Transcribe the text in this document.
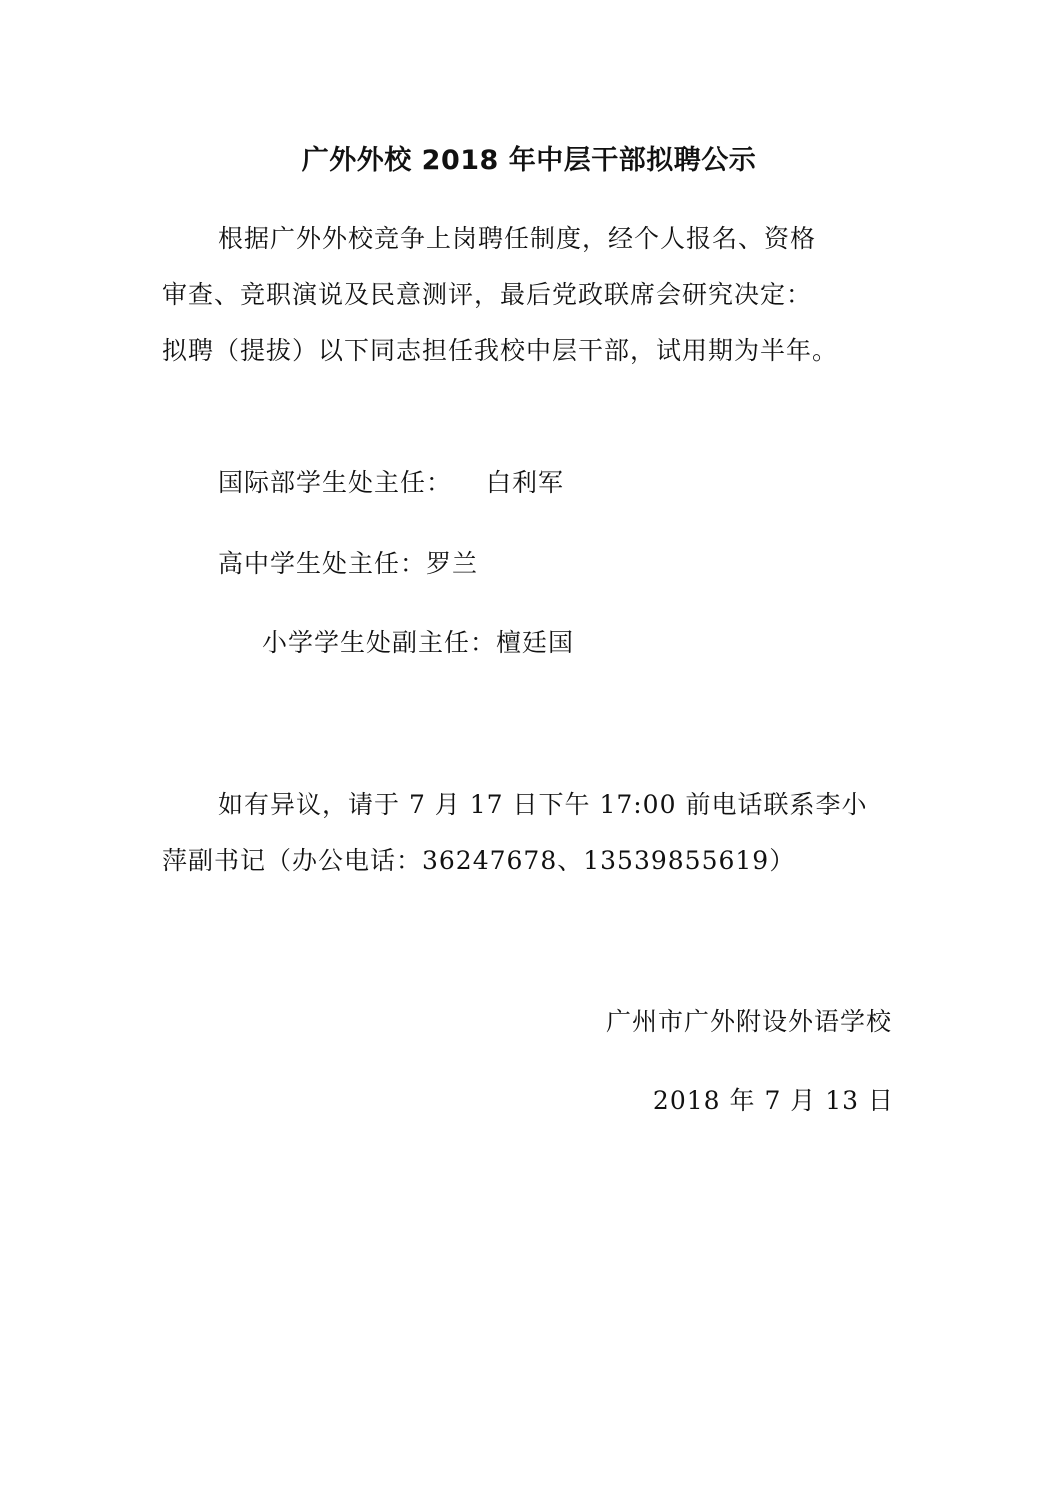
广外外校 2018 年中层干部拟聘公示
根据广外外校竞争上岗聘任制度，经个人报名、资格
审查、竞职演说及民意测评，最后党政联席会研究决定：
拟聘（提拔）以下同志担任我校中层干部，试用期为半年。
国际部学生处主任： 白利军
高中学生处主任：罗兰
小学学生处副主任：檀廷国
如有异议，请于 7 月 17 日下午 17:00 前电话联系李小
萍副书记（办公电话：36247678、13539855619）
广州市广外附设外语学校
2018 年 7 月 13 日
